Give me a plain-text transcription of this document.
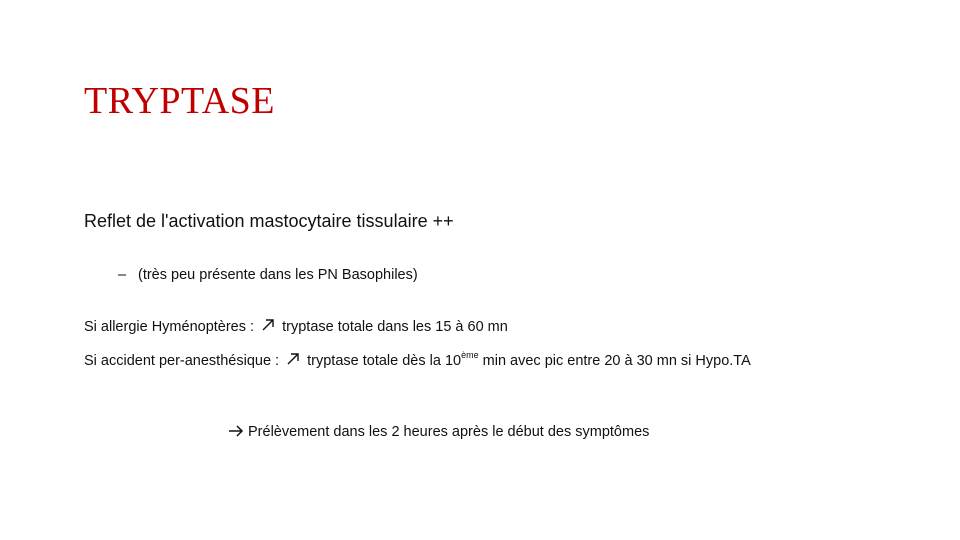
TRYPTASE
Reflet de l'activation mastocytaire tissulaire ++
– (très peu présente dans les PN Basophiles)
Si allergie Hyménoptères : tryptase totale dans les 15 à 60 mn
Si accident per-anesthésique : tryptase totale dès la 10ème min avec pic entre 20 à 30 mn si Hypo.TA
Prélèvement dans les 2 heures après le début des symptômes
